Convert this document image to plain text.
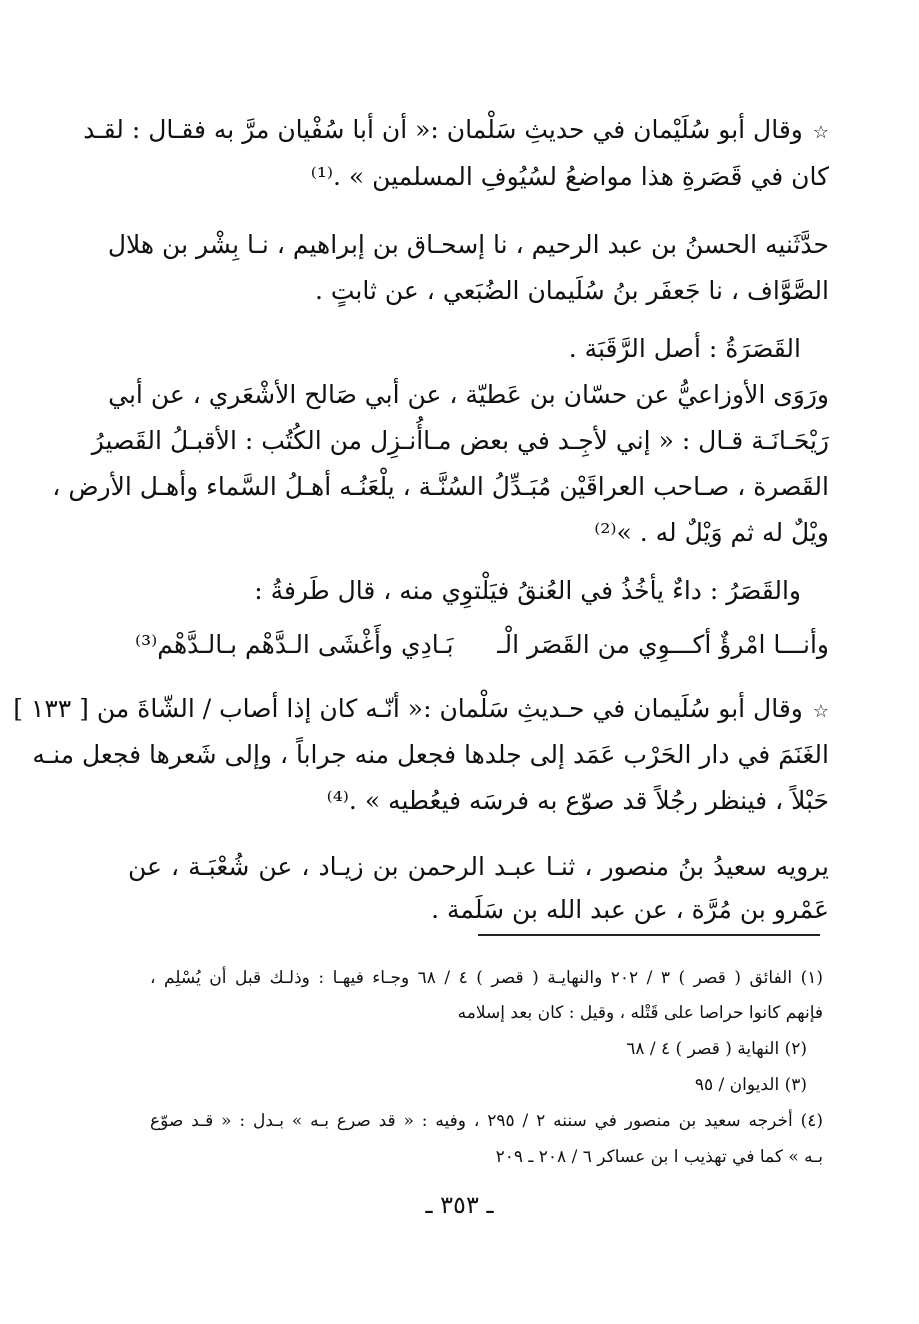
☆وقال أبو سُلَيْمان في حديثِ سَلْمان :« أن أبا سُفْيان مرَّ به فقـال : لقـد
كان في قَصَرةِ هذا مواضعُ لسُيُوفِ المسلمين » .⁽¹⁾
حدَّثَنيه الحسنُ بن عبد الرحيم ، نا إسحـاق بن إبراهيم ، نـا بِشْر بن هلال
الصَّوَّاف ، نا جَعفَر بنُ سُلَيمان الضُبَعي ، عن ثابتٍ .
القَصَرَةُ : أصل الرَّقَبَة .
ورَوَى الأوزاعيُّ عن حسّان بن عَطيّة ، عن أبي صَالح الأشْعَري ، عن أبي
رَيْحَـانَـة قـال : « إني لأجِـد في بعض مـاأُنـزِل من الكُتُب : الأقبـلُ القَصيرُ
القَصرة ، صـاحب العراقَيْن مُبَـدِّلُ السُنَّـة ، يلْعَنُـه أهـلُ السَّماء وأهـل الأرض ،
ويْلٌ له ثم وَيْلٌ له . »⁽²⁾
والقَصَرُ : داءٌ يأخُذُ في العُنقُ فيَلْتوِي منه ، قال طَرفةُ :
وأنـــا امْرؤٌ أكـــوِي من القَصَر الْـ
بَـادِي وأَغْشَى الـدَّهْم بـالـدَّهْم⁽³⁾
☆وقال أبو سُلَيمان في حـديثِ سَلْمان :« أنّـه كان إذا أصاب / الشّاةَ من [ ١٣٣ ]
الغَنَمَ في دار الحَرْب عَمَد إلى جلدها فجعل منه جراباً ، وإلى شَعرها فجعل منـه
حَبْلاً ، فينظر رجُلاً قد صوّع به فرسَه فيعُطيه » .⁽⁴⁾
يرويه سعيدُ بنُ منصور ، ثنـا عبـد الرحمن بن زيـاد ، عن شُعْبَـة ، عن
عَمْرو بن مُرَّة ، عن عبد الله بن سَلَمة .
(١) الفائق ( قصر ) ٣ / ٢٠٢ والنهايـة ( قصر ) ٤ / ٦٨ وجـاء فيهـا : وذلـك قبل أن يُسْلِم ،
فإنهم كانوا حراصا على قَتْله ، وقيل : كان بعد إسلامه
(٢) النهاية ( قصر ) ٤ / ٦٨
(٣) الديوان / ٩٥
(٤) أخرجه سعيد بن منصور في سننه ٢ / ٢٩٥ ، وفيه : « قد صرع بـه » بـدل : « قـد صوّع
بـه » كما في تهذيب ا بن عساكر ٦ / ٢٠٨ ـ ٢٠٩
ـ ٣٥٣ ـ
